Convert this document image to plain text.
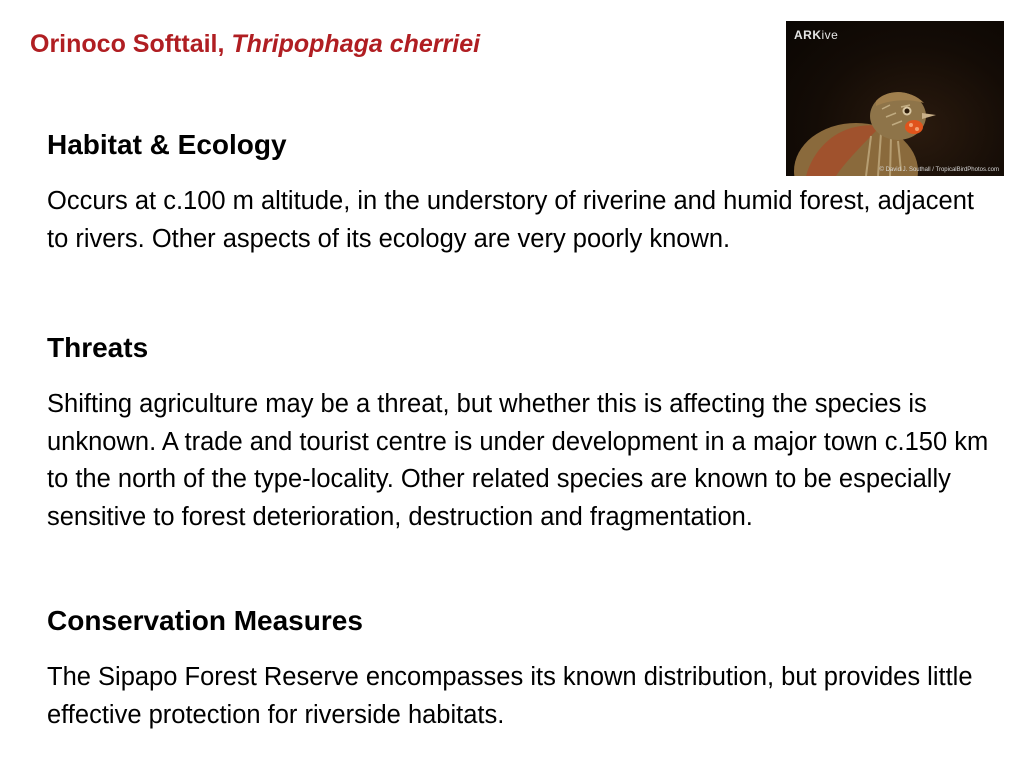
Orinoco Softtail, Thripophaga cherriei	ARKive
© David J. Southall / TropicalBirdPhotos.com
Habitat & Ecology
Occurs at c.100 m altitude, in the understory of riverine and humid forest, adjacent to rivers. Other aspects of its ecology are very poorly known.
Threats
Shifting agriculture may be a threat, but whether this is affecting the species is unknown. A trade and tourist centre is under development in a major town c.150 km to the north of the type-locality. Other related species are known to be especially sensitive to forest deterioration, destruction and fragmentation.
Conservation Measures
The Sipapo Forest Reserve encompasses its known distribution, but provides little effective protection for riverside habitats.
